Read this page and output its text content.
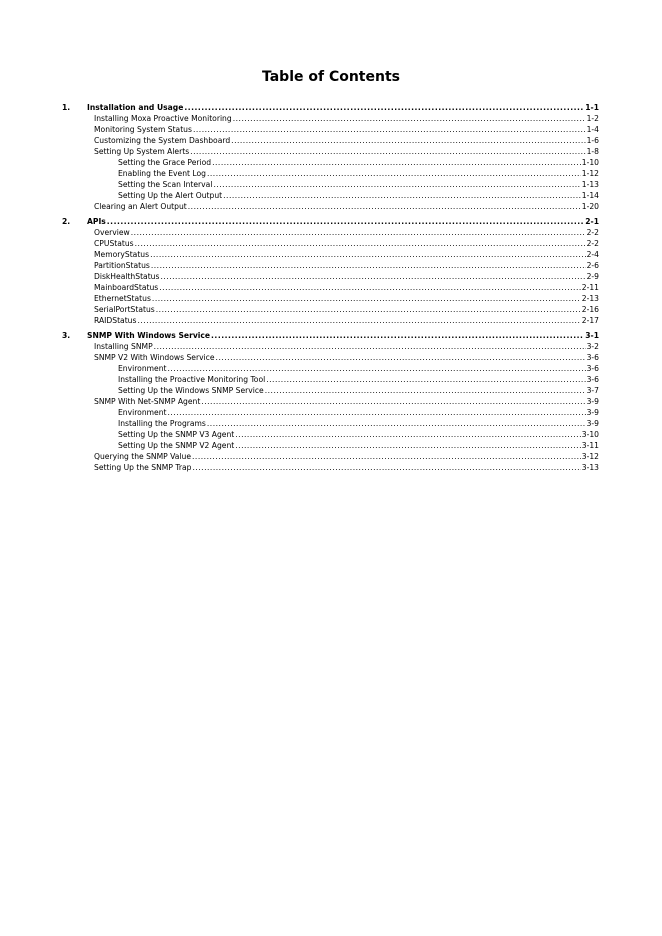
Table of Contents
1.	Installation and Usage .....	1-1
Installing Moxa Proactive Monitoring .....	1-2
Monitoring System Status .....	1-4
Customizing the System Dashboard .....	1-6
Setting Up System Alerts .....	1-8
Setting the Grace Period .....	1-10
Enabling the Event Log .....	1-12
Setting the Scan Interval .....	1-13
Setting Up the Alert Output .....	1-14
Clearing an Alert Output .....	1-20
2.	APIs .....	2-1
Overview .....	2-2
CPUStatus .....	2-2
MemoryStatus .....	2-4
PartitionStatus .....	2-6
DiskHealthStatus .....	2-9
MainboardStatus .....	2-11
EthernetStatus .....	2-13
SerialPortStatus .....	2-16
RAIDStatus .....	2-17
3.	SNMP With Windows Service .....	3-1
Installing SNMP .....	3-2
SNMP V2 With Windows Service .....	3-6
Environment .....	3-6
Installing the Proactive Monitoring Tool .....	3-6
Setting Up the Windows SNMP Service .....	3-7
SNMP With Net-SNMP Agent .....	3-9
Environment .....	3-9
Installing the Programs .....	3-9
Setting Up the SNMP V3 Agent .....	3-10
Setting Up the SNMP V2 Agent .....	3-11
Querying the SNMP Value .....	3-12
Setting Up the SNMP Trap .....	3-13
